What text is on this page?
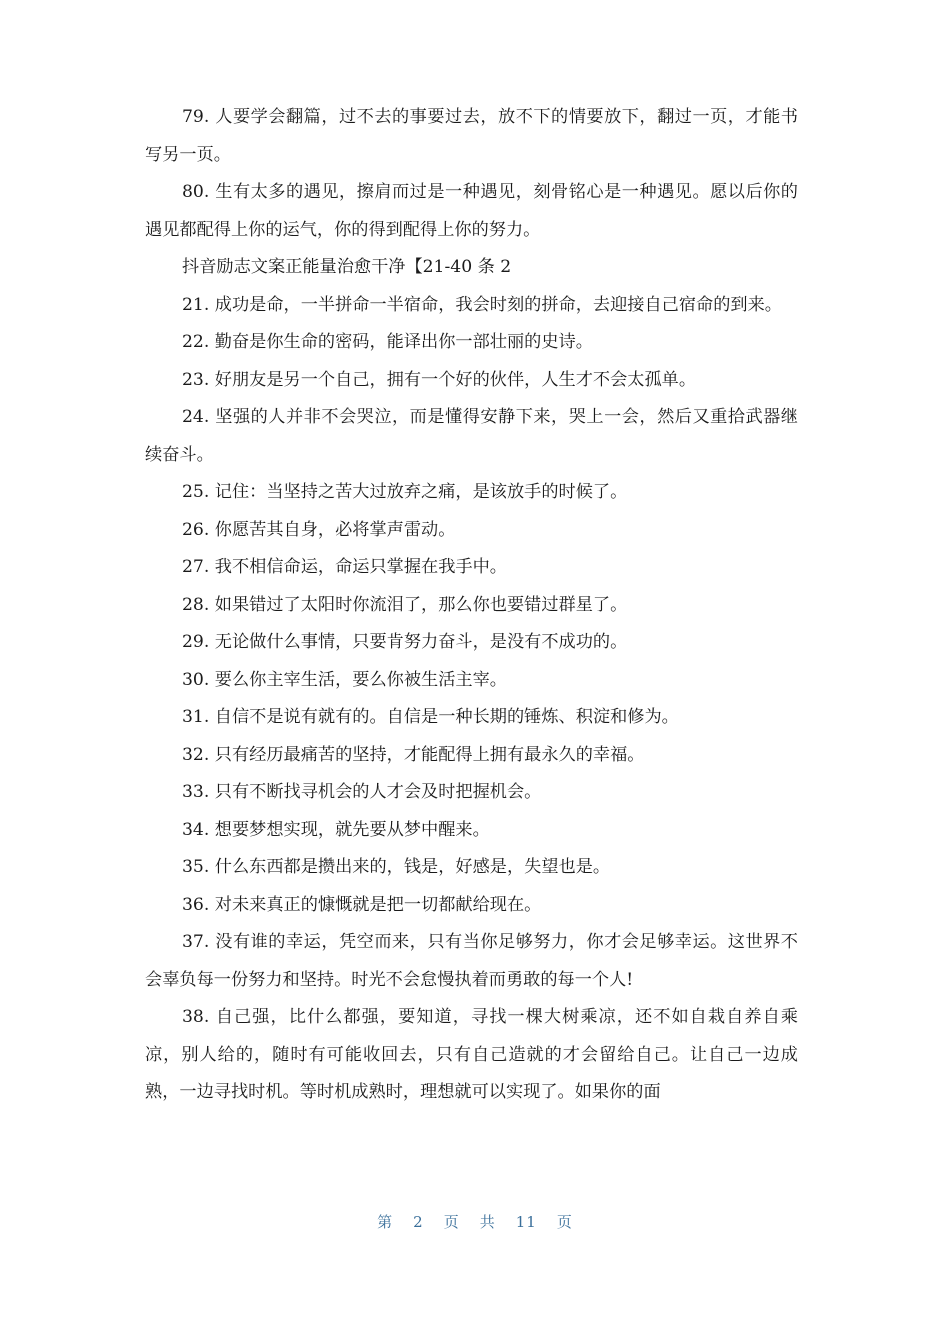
79. 人要学会翻篇，过不去的事要过去，放不下的情要放下，翻过一页，才能书写另一页。

80. 生有太多的遇见，擦肩而过是一种遇见，刻骨铭心是一种遇见。愿以后你的遇见都配得上你的运气，你的得到配得上你的努力。

抖音励志文案正能量治愈干净【21-40 条 2

21. 成功是命，一半拼命一半宿命，我会时刻的拼命，去迎接自己宿命的到来。

22. 勤奋是你生命的密码，能译出你一部壮丽的史诗。

23. 好朋友是另一个自己，拥有一个好的伙伴，人生才不会太孤单。

24. 坚强的人并非不会哭泣，而是懂得安静下来，哭上一会，然后又重拾武器继续奋斗。

25. 记住：当坚持之苦大过放弃之痛，是该放手的时候了。

26. 你愿苦其自身，必将掌声雷动。

27. 我不相信命运，命运只掌握在我手中。

28. 如果错过了太阳时你流泪了，那么你也要错过群星了。

29. 无论做什么事情，只要肯努力奋斗，是没有不成功的。

30. 要么你主宰生活，要么你被生活主宰。

31. 自信不是说有就有的。自信是一种长期的锤炼、积淀和修为。

32. 只有经历最痛苦的坚持，才能配得上拥有最永久的幸福。

33. 只有不断找寻机会的人才会及时把握机会。

34. 想要梦想实现，就先要从梦中醒来。

35. 什么东西都是攒出来的，钱是，好感是，失望也是。

36. 对未来真正的慷慨就是把一切都献给现在。

37. 没有谁的幸运，凭空而来，只有当你足够努力，你才会足够幸运。这世界不会辜负每一份努力和坚持。时光不会怠慢执着而勇敢的每一个人!

38. 自己强，比什么都强，要知道，寻找一棵大树乘凉，还不如自栽自养自乘凉，别人给的，随时有可能收回去，只有自己造就的才会留给自己。让自己一边成熟，一边寻找时机。等时机成熟时，理想就可以实现了。如果你的面

第 2 页 共 11 页
